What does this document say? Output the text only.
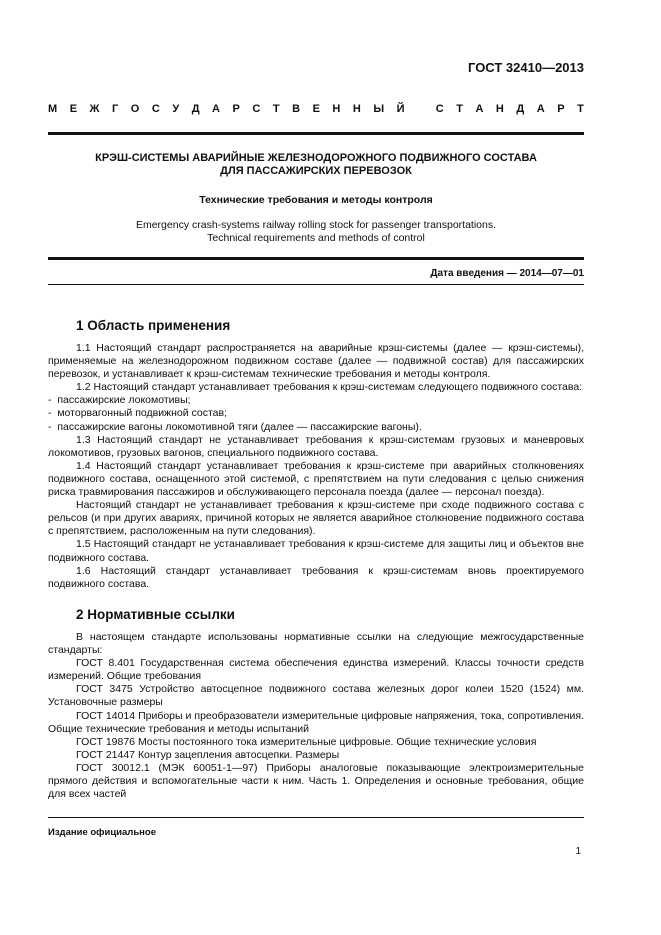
ГОСТ 32410—2013
М Е Ж Г О С У Д А Р С Т В Е Н Н Ы Й
	С Т А Н Д А Р Т
КРЭШ-СИСТЕМЫ АВАРИЙНЫЕ ЖЕЛЕЗНОДОРОЖНОГО ПОДВИЖНОГО СОСТАВА
ДЛЯ ПАССАЖИРСКИХ ПЕРЕВОЗОК
Технические требования и методы контроля
Emergency crash-systems railway rolling stock for passenger transportations.
Technical requirements and methods of control
Дата введения — 2014—07—01
1 Область применения

1.1 Настоящий стандарт распространяется на аварийные крэш-системы (далее — крэш-системы), применяемые на железнодорожном подвижном составе (далее — подвижной состав) для пассажирских перевозок, и устанавливает к крэш-системам технические требования и методы контроля.

1.2 Настоящий стандарт устанавливает требования к крэш-системам следующего подвижного состава:

-  пассажирские локомотивы;

-  моторвагонный подвижной состав;

-  пассажирские вагоны локомотивной тяги (далее — пассажирские вагоны).

1.3 Настоящий стандарт не устанавливает требования к крэш-системам грузовых и маневровых локомотивов, грузовых вагонов, специального подвижного состава.

1.4 Настоящий стандарт устанавливает требования к крэш-системе при аварийных столкновениях подвижного состава, оснащенного этой системой, с препятствием на пути следования с целью снижения риска травмирования пассажиров и обслуживающего персонала поезда (далее — персонал поезда).

Настоящий стандарт не устанавливает требования к крэш-системе при сходе подвижного состава с рельсов (и при других авариях, причиной которых не является аварийное столкновение подвижного состава с препятствием, расположенным на пути следования).

1.5 Настоящий стандарт не устанавливает требования к крэш-системе для защиты лиц и объектов вне подвижного состава.

1.6 Настоящий стандарт устанавливает требования к крэш-системам вновь проектируемого подвижного состава.

2 Нормативные ссылки

В настоящем стандарте использованы нормативные ссылки на следующие межгосударственные стандарты:

ГОСТ 8.401 Государственная система обеспечения единства измерений. Классы точности средств измерений. Общие требования

ГОСТ 3475 Устройство автосцепное подвижного состава железных дорог колеи 1520 (1524) мм. Установочные размеры

ГОСТ 14014 Приборы и преобразователи измерительные цифровые напряжения, тока, сопротивления. Общие технические требования и методы испытаний

ГОСТ 19876 Мосты постоянного тока измерительные цифровые. Общие технические условия

ГОСТ 21447 Контур зацепления автосцепки. Размеры

ГОСТ 30012.1 (МЭК 60051-1—97) Приборы аналоговые показывающие электроизмерительные прямого действия и вспомогательные части к ним. Часть 1. Определения и основные требования, общие для всех частей

Издание официальное
1
